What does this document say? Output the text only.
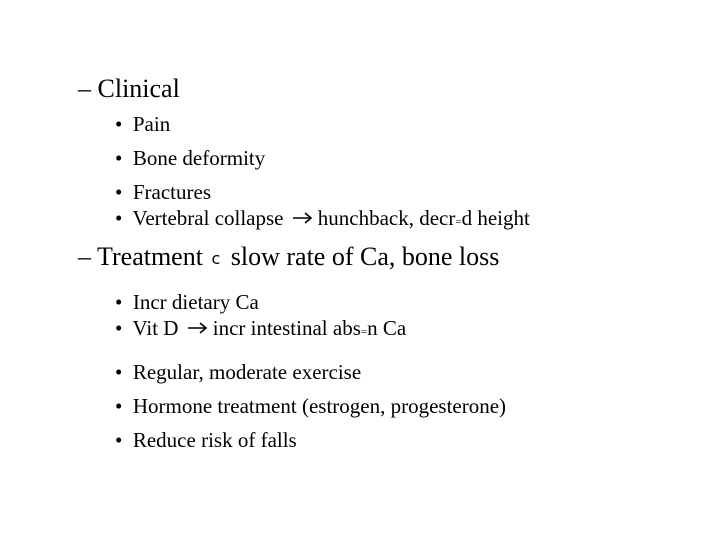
– Clinical
• Pain
• Bone deformity
• Fractures
• Vertebral collapse hunchback, decr=d height
– Treatment c slow rate of Ca, bone loss
• Incr dietary Ca
• Vit D incr intestinal abs=n Ca
• Regular, moderate exercise
• Hormone treatment (estrogen, progesterone)
• Reduce risk of falls
